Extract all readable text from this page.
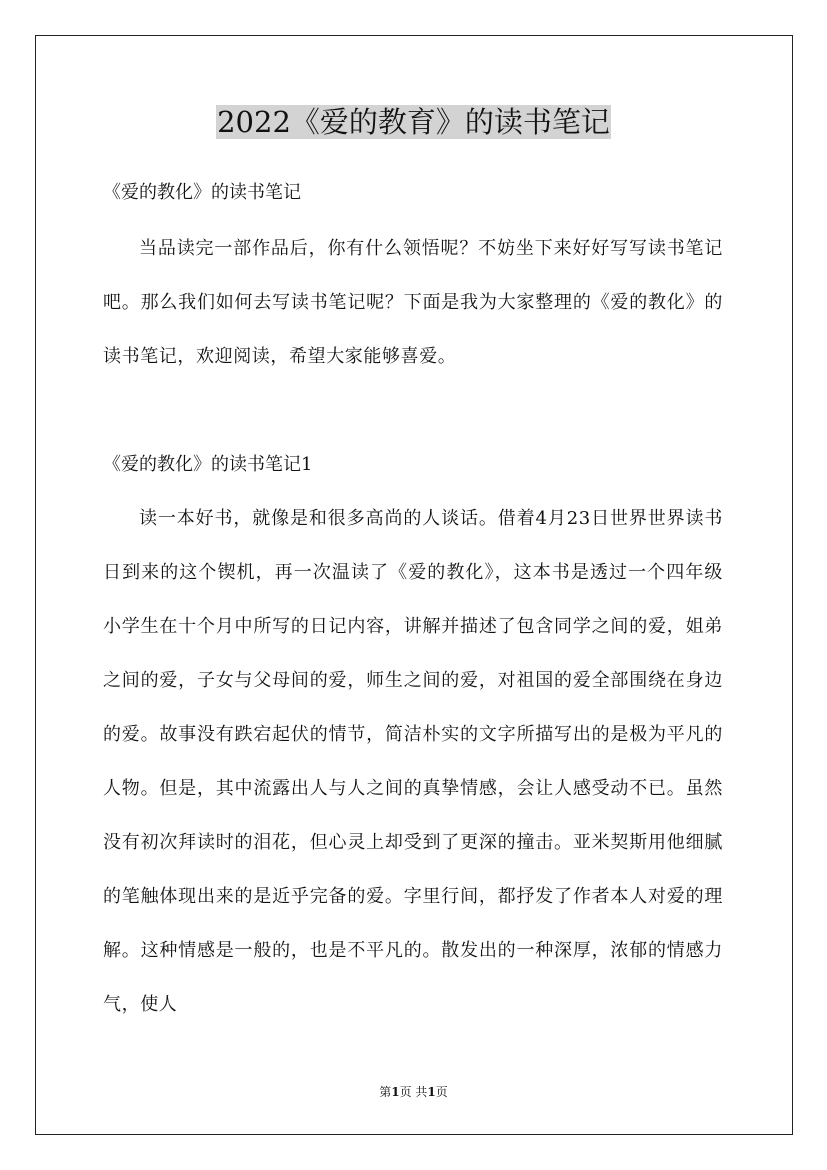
2022《爱的教育》的读书笔记

《爱的教化》的读书笔记

当品读完一部作品后，你有什么领悟呢？不妨坐下来好好写写读书笔记吧。那么我们如何去写读书笔记呢？下面是我为大家整理的《爱的教化》的读书笔记，欢迎阅读，希望大家能够喜爱。

《爱的教化》的读书笔记1

读一本好书，就像是和很多高尚的人谈话。借着4月23日世界世界读书日到来的这个锲机，再一次温读了《爱的教化》，这本书是透过一个四年级小学生在十个月中所写的日记内容，讲解并描述了包含同学之间的爱，姐弟之间的爱，子女与父母间的爱，师生之间的爱，对祖国的爱全部围绕在身边的爱。故事没有跌宕起伏的情节，简洁朴实的文字所描写出的是极为平凡的人物。但是，其中流露出人与人之间的真挚情感，会让人感受动不已。虽然没有初次拜读时的泪花，但心灵上却受到了更深的撞击。亚米契斯用他细腻的笔触体现出来的是近乎完备的爱。字里行间，都抒发了作者本人对爱的理解。这种情感是一般的，也是不平凡的。散发出的一种深厚，浓郁的情感力气，使人

第1页 共1页
